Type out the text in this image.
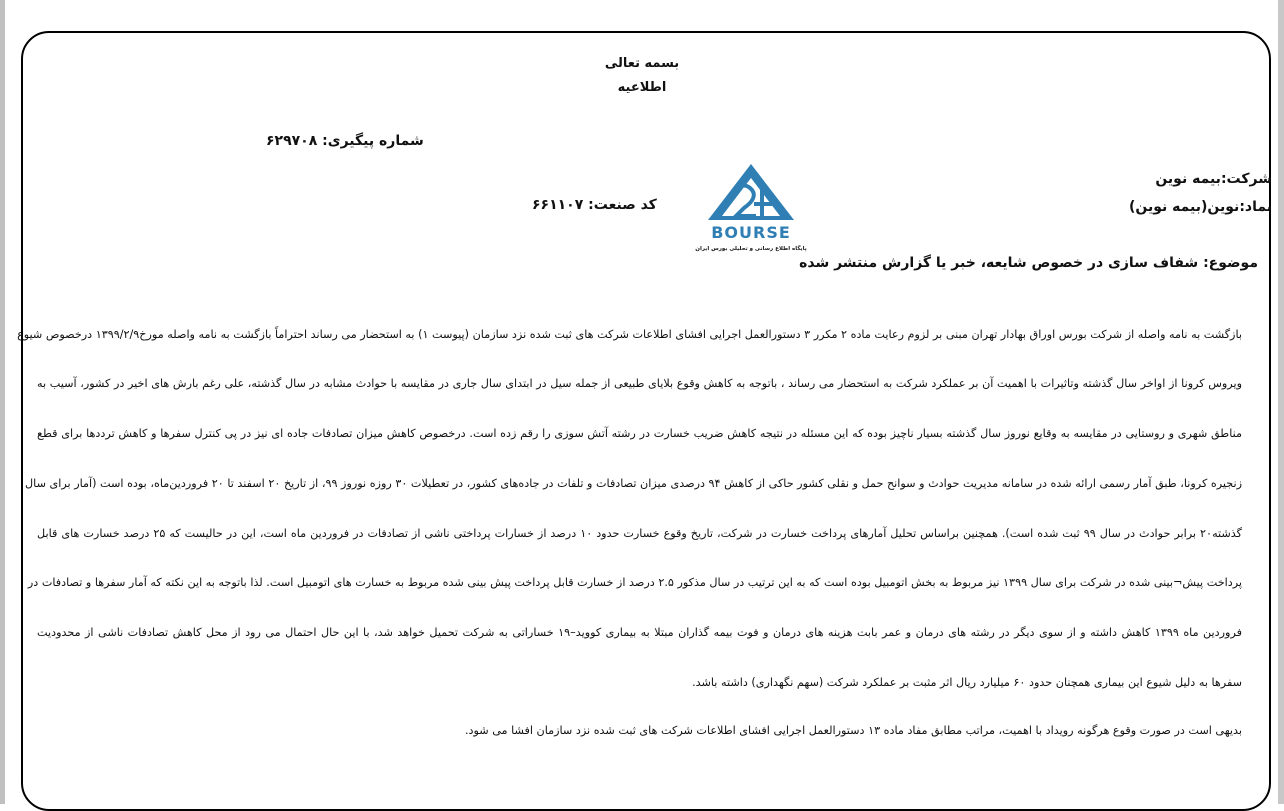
بسمه تعالی
اطلاعیه
شماره پیگیری: ۶۲۹۷۰۸
شرکت:بیمه نوین
نماد:نوین(بیمه نوین)
کد صنعت: ۶۶۱۱۰۷
BOURSE
پایگاه اطلاع رسانی و تحلیلی بورس ایران
موضوع: شفاف سازی در خصوص شایعه، خبر یا گزارش منتشر شده
بازگشت به نامه واصله از شرکت بورس اوراق بهادار تهران مبنی بر لزوم رعایت ماده ۲ مکرر ۳ دستورالعمل اجرایی افشای اطلاعات شرکت های ثبت شده نزد سازمان (پیوست ۱) به استحضار می رساند احتراماً بازگشت به نامه واصله مورخ۱۳۹۹/۲/۹ درخصوص شیوع
ویروس کرونا از اواخر سال گذشته وتاثیرات با اهمیت آن بر عملکرد شرکت به استحضار می رساند ، باتوجه به کاهش وقوع بلایای طبیعی از جمله سیل در ابتدای سال جاری در مقایسه با حوادث مشابه در سال گذشته، علی رغم بارش های اخیر در کشور، آسیب به
مناطق شهری و روستایی در مقایسه به وقایع نوروز سال گذشته بسیار ناچیز بوده که این مسئله در نتیجه کاهش ضریب خسارت در رشته آتش سوزی را رقم زده است. درخصوص کاهش میزان تصادفات جاده ای نیز در پی کنترل سفرها و کاهش ترددها برای قطع
زنجیره کرونا، طبق آمار رسمی ارائه شده در سامانه مدیریت حوادث و سوانح حمل و نقلی کشور حاکی از کاهش ۹۴ درصدی میزان تصادفات و تلفات در جاده‌های کشور، در تعطیلات ۳۰ روزه نوروز ۹۹، از تاریخ ۲۰ اسفند تا ۲۰ فروردین‌ماه، بوده است (آمار برای سال
گذشته۲۰ برابر حوادث در سال ۹۹ ثبت شده است). همچنین براساس تحلیل آمارهای پرداخت خسارت در شرکت، تاریخ وقوع خسارت حدود ۱۰ درصد از خسارات پرداختی ناشی از تصادفات در فروردین ماه است، این در حالیست که ۲۵ درصد خسارت های قابل
پرداخت پیش¬بینی شده در شرکت برای سال ۱۳۹۹ نیز مربوط به بخش اتومبیل بوده است که به این ترتیب در سال مذکور ۲.۵ درصد از خسارت قابل پرداخت پیش بینی شده مربوط به خسارت های اتومبیل است. لذا باتوجه به این نکته که آمار سفرها و تصادفات در
فروردین ماه ۱۳۹۹ کاهش داشته و از سوی دیگر در رشته های درمان و عمر بابت هزینه های درمان و فوت بیمه گذاران مبتلا به بیماری کووید–۱۹ خساراتی به شرکت تحمیل خواهد شد، با این حال احتمال می رود از محل کاهش تصادفات ناشی از محدودیت
سفرها به دلیل شیوع این بیماری همچنان حدود ۶۰ میلیارد ریال اثر مثبت بر عملکرد شرکت (سهم نگهداری) داشته باشد.
بدیهی است در صورت وقوع هرگونه رویداد با اهمیت، مراتب مطابق مفاد ماده ۱۳ دستورالعمل اجرایی افشای اطلاعات شرکت های ثبت شده نزد سازمان افشا می شود.
